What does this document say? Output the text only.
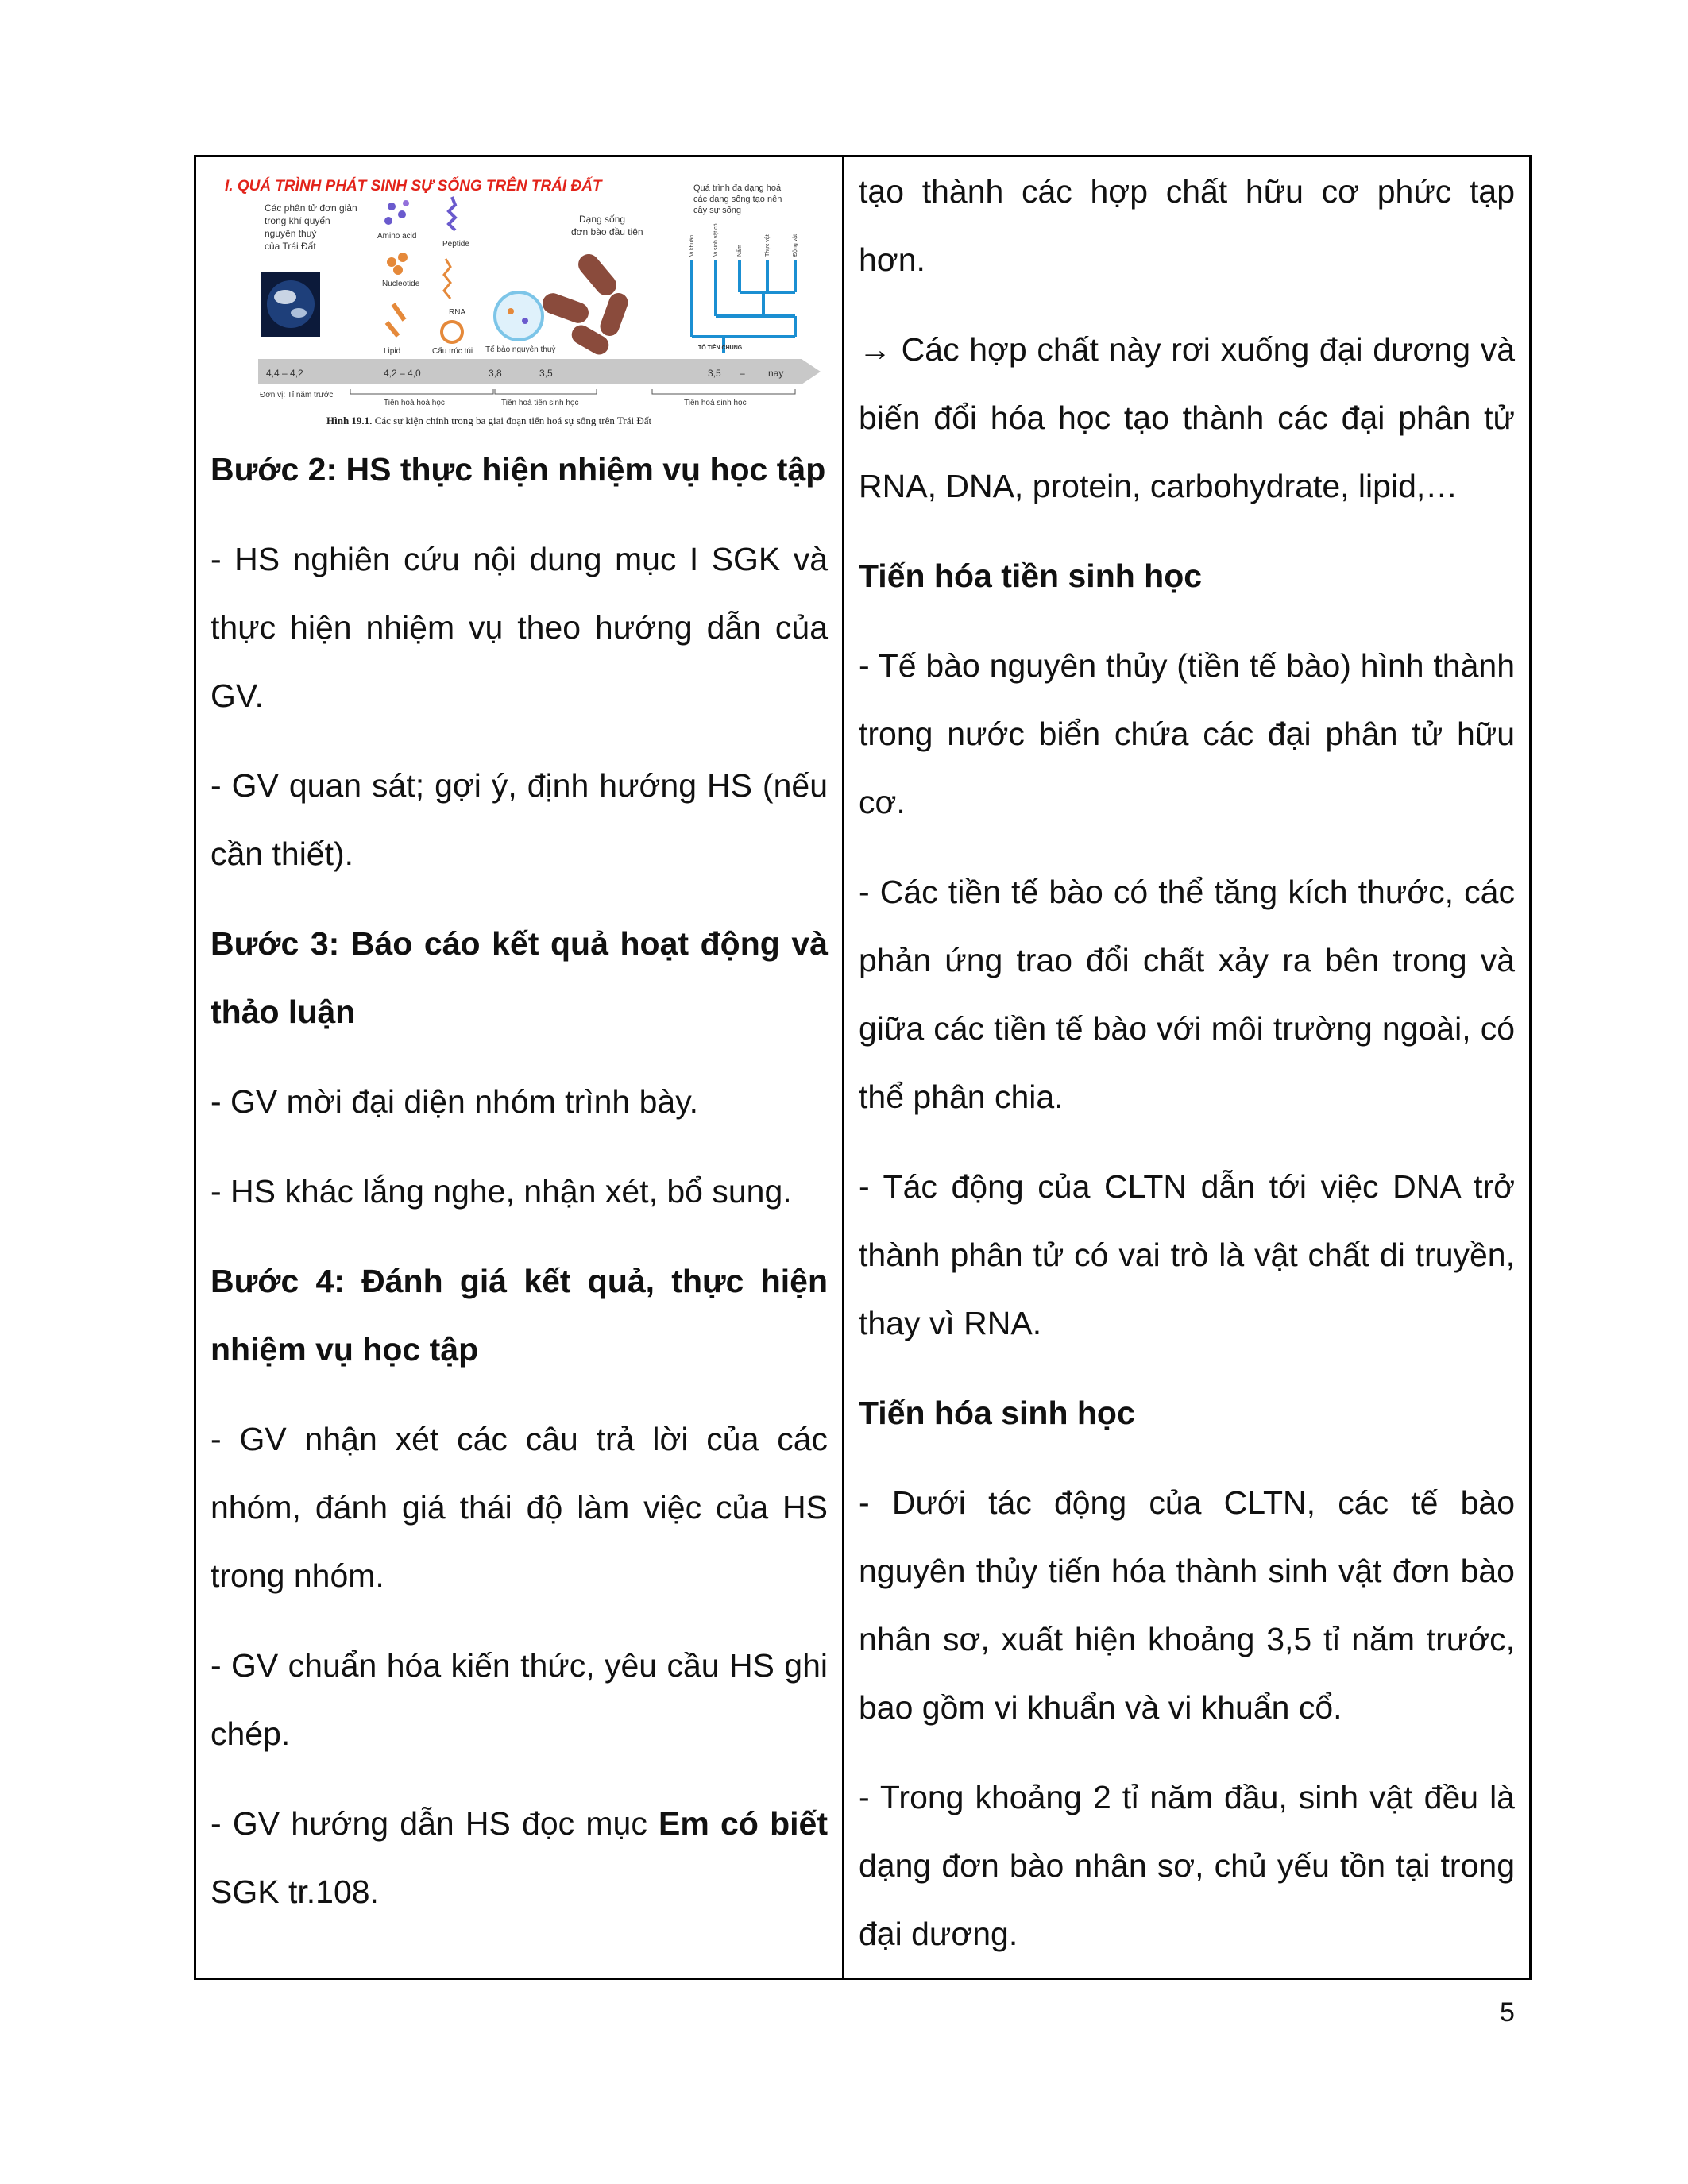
I. QUÁ TRÌNH PHÁT SINH SỰ SỐNG TRÊN TRÁI ĐẤT
Các phân tử đơn giản
trong khí quyển
nguyên thuỷ
của Trái Đất
Amino acid
Peptide
Nucleotide
RNA
Lipid	Cấu trúc túi Tế bào nguyên thuỷ
Dạng sống
đơn bào đầu tiên
Quá trình đa dạng hoá
các dạng sống tạo nên
cây sự sống
Vi khuẩn	Vi sinh vật cổ	Nấm	Thực vật	Động vật
TỔ TIÊN CHUNG
4,4 – 4,2	4,2 – 4,0	3,8	3,5	3,5 – nay
Đơn vị: Tỉ năm trước
Tiến hoá hoá học	Tiến hoá tiền sinh học	Tiến hoá sinh học
Hình 19.1. Các sự kiện chính trong ba giai đoạn tiến hoá sự sống trên Trái Đất

Bước 2: HS thực hiện nhiệm vụ học tập

- HS nghiên cứu nội dung mục I SGK và thực hiện nhiệm vụ theo hướng dẫn của GV.

- GV quan sát; gợi ý, định hướng HS (nếu cần thiết).

Bước 3: Báo cáo kết quả hoạt động và thảo luận

- GV mời đại diện nhóm trình bày.

- HS khác lắng nghe, nhận xét, bổ sung.

Bước 4: Đánh giá kết quả, thực hiện nhiệm vụ học tập

- GV nhận xét các câu trả lời của các nhóm, đánh giá thái độ làm việc của HS trong nhóm.

- GV chuẩn hóa kiến thức, yêu cầu HS ghi chép.

- GV hướng dẫn HS đọc mục Em có biết SGK tr.108.

tạo thành các hợp chất hữu cơ phức tạp hơn.

→ Các hợp chất này rơi xuống đại dương và biến đổi hóa học tạo thành các đại phân tử RNA, DNA, protein, carbohydrate, lipid,…

Tiến hóa tiền sinh học

- Tế bào nguyên thủy (tiền tế bào) hình thành trong nước biển chứa các đại phân tử hữu cơ.

- Các tiền tế bào có thể tăng kích thước, các phản ứng trao đổi chất xảy ra bên trong và giữa các tiền tế bào với môi trường ngoài, có thể phân chia.

- Tác động của CLTN dẫn tới việc DNA trở thành phân tử có vai trò là vật chất di truyền, thay vì RNA.

Tiến hóa sinh học

- Dưới tác động của CLTN, các tế bào nguyên thủy tiến hóa thành sinh vật đơn bào nhân sơ, xuất hiện khoảng 3,5 tỉ năm trước, bao gồm vi khuẩn và vi khuẩn cổ.

- Trong khoảng 2 tỉ năm đầu, sinh vật đều là dạng đơn bào nhân sơ, chủ yếu tồn tại trong đại dương.

5
